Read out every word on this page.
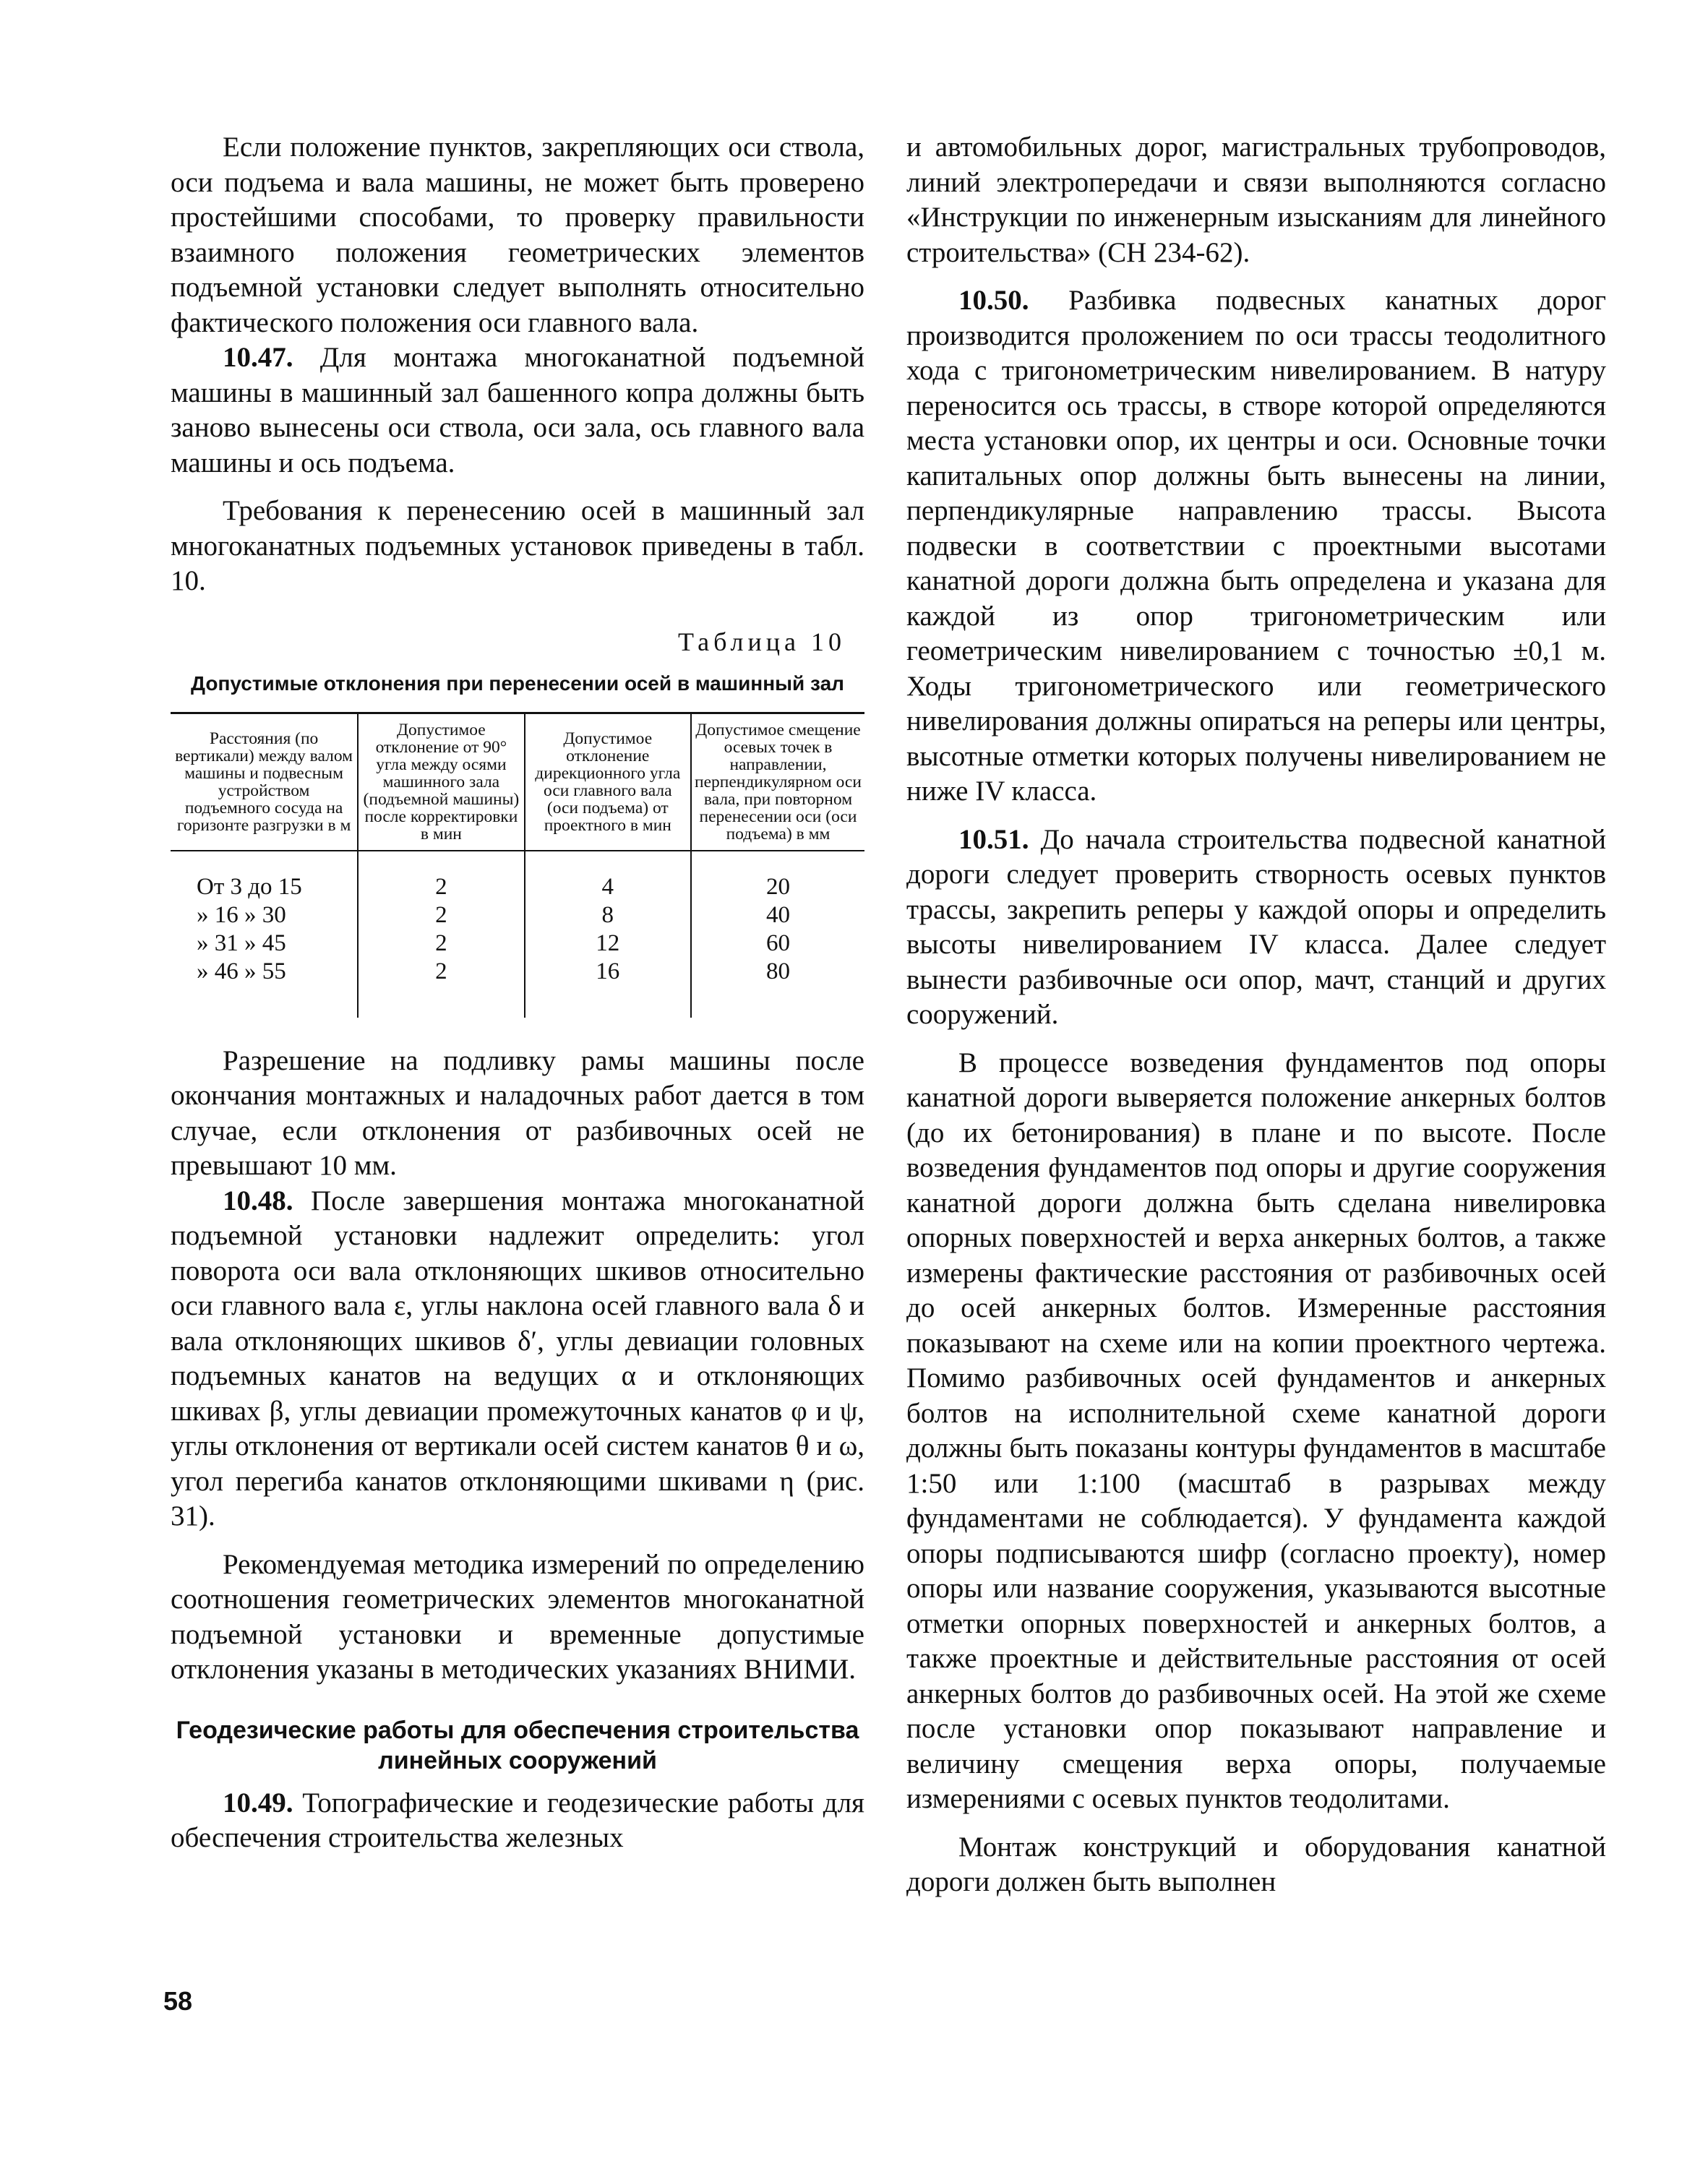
Если положение пунктов, закрепляющих оси ствола, оси подъема и вала машины, не может быть проверено простейшими способами, то проверку правильности взаимного положения геометрических элементов подъемной установки следует выполнять относительно фактического положения оси главного вала.

10.47. Для монтажа многоканатной подъемной машины в машинный зал башенного копра должны быть заново вынесены оси ствола, оси зала, ось главного вала машины и ось подъема.

Требования к перенесению осей в машинный зал многоканатных подъемных установок приведены в табл. 10.

Таблица 10
Допустимые отклонения при перенесении осей в машинный зал
Расстояния (по вертикали) между валом машины и подвесным устройством подъемного сосуда на горизонте разгрузки в м	Допустимое отклонение от 90° угла между осями машинного зала (подъемной машины) после корректировки в мин	Допустимое отклонение дирекционного угла оси главного вала (оси подъема) от проектного в мин	Допустимое смещение осевых точек в направлении, перпендикулярном оси вала, при повторном перенесении оси (оси подъема) в мм
От 3 до 15	2	4	20
» 16 » 30	2	8	40
» 31 » 45	2	12	60
» 46 » 55	2	16	80

Разрешение на подливку рамы машины после окончания монтажных и наладочных работ дается в том случае, если отклонения от разбивочных осей не превышают 10 мм.

10.48. После завершения монтажа многоканатной подъемной установки надлежит определить: угол поворота оси вала отклоняющих шкивов относительно оси главного вала ε, углы наклона осей главного вала δ и вала отклоняющих шкивов δ′, углы девиации головных подъемных канатов на ведущих α и отклоняющих шкивах β, углы девиации промежуточных канатов φ и ψ, углы отклонения от вертикали осей систем канатов θ и ω, угол перегиба канатов отклоняющими шкивами η (рис. 31).

Рекомендуемая методика измерений по определению соотношения геометрических элементов многоканатной подъемной установки и временные допустимые отклонения указаны в методических указаниях ВНИМИ.

Геодезические работы для обеспечения строительства линейных сооружений

10.49. Топографические и геодезические работы для обеспечения строительства железных

и автомобильных дорог, магистральных трубопроводов, линий электропередачи и связи выполняются согласно «Инструкции по инженерным изысканиям для линейного строительства» (СН 234-62).

10.50. Разбивка подвесных канатных дорог производится проложением по оси трассы теодолитного хода с тригонометрическим нивелированием. В натуру переносится ось трассы, в створе которой определяются места установки опор, их центры и оси. Основные точки капитальных опор должны быть вынесены на линии, перпендикулярные направлению трассы. Высота подвески в соответствии с проектными высотами канатной дороги должна быть определена и указана для каждой из опор тригонометрическим или геометрическим нивелированием с точностью ±0,1 м. Ходы тригонометрического или геометрического нивелирования должны опираться на реперы или центры, высотные отметки которых получены нивелированием не ниже IV класса.

10.51. До начала строительства подвесной канатной дороги следует проверить створность осевых пунктов трассы, закрепить реперы у каждой опоры и определить высоты нивелированием IV класса. Далее следует вынести разбивочные оси опор, мачт, станций и других сооружений.

В процессе возведения фундаментов под опоры канатной дороги выверяется положение анкерных болтов (до их бетонирования) в плане и по высоте. После возведения фундаментов под опоры и другие сооружения канатной дороги должна быть сделана нивелировка опорных поверхностей и верха анкерных болтов, а также измерены фактические расстояния от разбивочных осей до осей анкерных болтов. Измеренные расстояния показывают на схеме или на копии проектного чертежа. Помимо разбивочных осей фундаментов и анкерных болтов на исполнительной схеме канатной дороги должны быть показаны контуры фундаментов в масштабе 1:50 или 1:100 (масштаб в разрывах между фундаментами не соблюдается). У фундамента каждой опоры подписываются шифр (согласно проекту), номер опоры или название сооружения, указываются высотные отметки опорных поверхностей и анкерных болтов, а также проектные и действительные расстояния от осей анкерных болтов до разбивочных осей. На этой же схеме после установки опор показывают направление и величину смещения верха опоры, получаемые измерениями с осевых пунктов теодолитами.

Монтаж конструкций и оборудования канатной дороги должен быть выполнен

58
